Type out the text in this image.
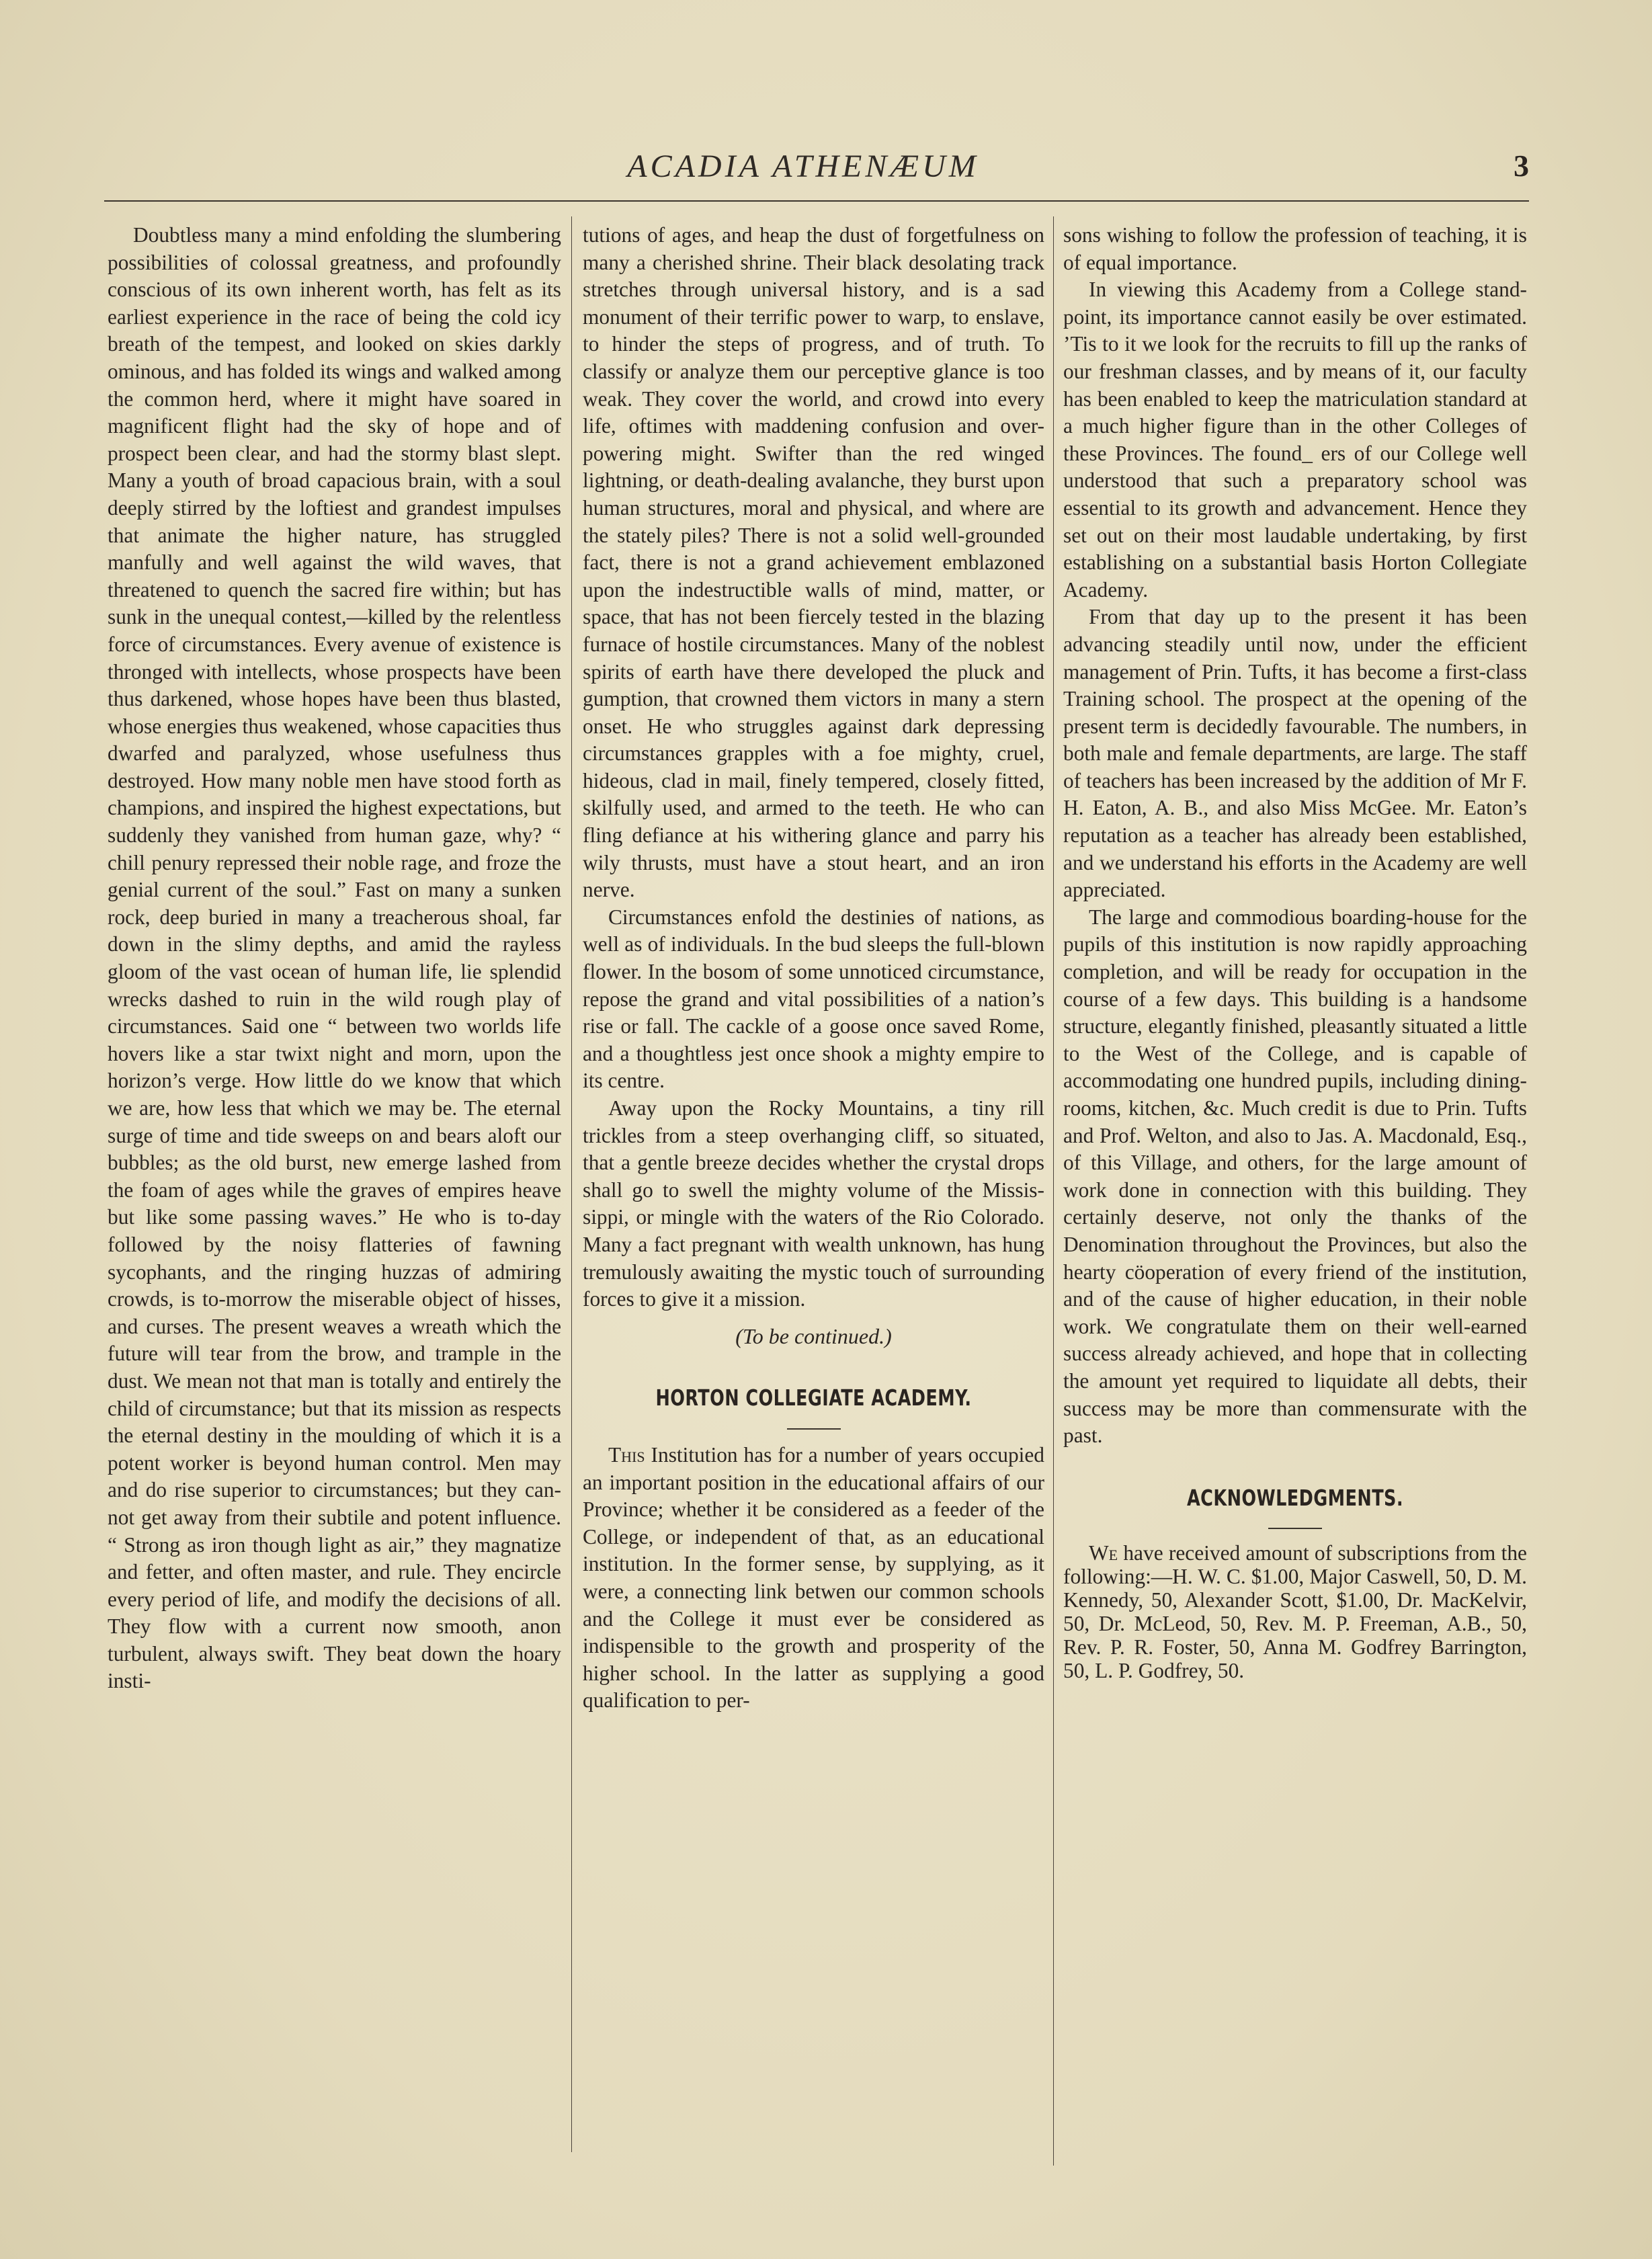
ACADIA ATHENÆUM	3

Doubtless many a mind enfolding the slumbering possibilities of colossal greatness, and profoundly conscious of its own inherent worth, has felt as its earliest experience in the race of being the cold icy breath of the tempest, and looked on skies darkly ominous, and has folded its wings and walked among the common herd, where it might have soared in magnificent flight had the sky of hope and of prospect been clear, and had the stormy blast slept. Many a youth of broad capacious brain, with a soul deeply stirred by the loftiest and grandest impulses that animate the higher nature, has struggled manfully and well against the wild waves, that threatened to quench the sacred fire within; but has sunk in the unequal contest,—killed by the relentless force of circumstances. Every avenue of existence is thronged with intellects, whose prospects have been thus darkened, whose hopes have been thus blasted, whose energies thus weakened, whose capacities thus dwarfed and paralyzed, whose usefulness thus destroyed. How many noble men have stood forth as champions, and inspired the highest expectations, but suddenly they vanished from human gaze, why? “ chill penury repressed their noble rage, and froze the genial current of the soul.” Fast on many a sunken rock, deep buried in many a treacherous shoal, far down in the slimy depths, and amid the rayless gloom of the vast ocean of human life, lie splendid wrecks dashed to ruin in the wild rough play of circumstances. Said one “ between two worlds life hovers like a star twixt night and morn, upon the horizon’s verge. How little do we know that which we are, how less that which we may be. The eternal surge of time and tide sweeps on and bears aloft our bubbles; as the old burst, new emerge lashed from the foam of ages while the graves of empires heave but like some passing waves.” He who is to-day followed by the noisy flatteries of fawning sycophants, and the ringing huzzas of admiring crowds, is to-morrow the miserable object of hisses, and curses. The present weaves a wreath which the future will tear from the brow, and trample in the dust. We mean not that man is totally and entirely the child of circumstance; but that its mission as respects the eternal destiny in the moulding of which it is a potent worker is beyond human control. Men may and do rise superior to circumstances; but they cannot get away from their subtile and potent influence. “ Strong as iron though light as air,” they magnatize and fetter, and often master, and rule. They encircle every period of life, and modify the decisions of all. They flow with a current now smooth, anon turbulent, always swift. They beat down the hoary insti-

tutions of ages, and heap the dust of forgetfulness on many a cherished shrine. Their black desolating track stretches through universal history, and is a sad monument of their terrific power to warp, to enslave, to hinder the steps of progress, and of truth. To classify or analyze them our perceptive glance is too weak. They cover the world, and crowd into every life, oftimes with maddening confusion and over-powering might. Swifter than the red winged lightning, or death-dealing avalanche, they burst upon human structures, moral and physical, and where are the stately piles? There is not a solid well-grounded fact, there is not a grand achievement emblazoned upon the indestructible walls of mind, matter, or space, that has not been fiercely tested in the blazing furnace of hostile circumstances. Many of the noblest spirits of earth have there developed the pluck and gumption, that crowned them victors in many a stern onset. He who struggles against dark depressing circumstances grapples with a foe mighty, cruel, hideous, clad in mail, finely tempered, closely fitted, skilfully used, and armed to the teeth. He who can fling defiance at his withering glance and parry his wily thrusts, must have a stout heart, and an iron nerve.

Circumstances enfold the destinies of nations, as well as of individuals. In the bud sleeps the full-blown flower. In the bosom of some unnoticed circumstance, repose the grand and vital possibilities of a nation’s rise or fall. The cackle of a goose once saved Rome, and a thoughtless jest once shook a mighty empire to its centre.

Away upon the Rocky Mountains, a tiny rill trickles from a steep overhanging cliff, so situated, that a gentle breeze decides whether the crystal drops shall go to swell the mighty volume of the Mississippi, or mingle with the waters of the Rio Colorado. Many a fact pregnant with wealth unknown, has hung tremulously awaiting the mystic touch of surrounding forces to give it a mission.

(To be continued.)
HORTON COLLEGIATE ACADEMY.

This Institution has for a number of years occupied an important position in the educational affairs of our Province; whether it be considered as a feeder of the College, or independent of that, as an educational institution. In the former sense, by supplying, as it were, a connecting link betwen our common schools and the College it must ever be considered as indispensible to the growth and prosperity of the higher school. In the latter as supplying a good qualification to per-

sons wishing to follow the profession of teaching, it is of equal importance.

In viewing this Academy from a College stand-point, its importance cannot easily be over estimated. ’Tis to it we look for the recruits to fill up the ranks of our freshman classes, and by means of it, our faculty has been enabled to keep the matriculation standard at a much higher figure than in the other Colleges of these Provinces. The found_ ers of our College well understood that such a preparatory school was essential to its growth and advancement. Hence they set out on their most laudable undertaking, by first establishing on a substantial basis Horton Collegiate Academy.

From that day up to the present it has been advancing steadily until now, under the efficient management of Prin. Tufts, it has become a first-class Training school. The prospect at the opening of the present term is decidedly favourable. The numbers, in both male and female departments, are large. The staff of teachers has been increased by the addition of Mr F. H. Eaton, A. B., and also Miss McGee. Mr. Eaton’s reputation as a teacher has already been established, and we understand his efforts in the Academy are well appreciated.

The large and commodious boarding-house for the pupils of this institution is now rapidly approaching completion, and will be ready for occupation in the course of a few days. This building is a handsome structure, elegantly finished, pleasantly situated a little to the West of the College, and is capable of accommodating one hundred pupils, including dining-rooms, kitchen, &c. Much credit is due to Prin. Tufts and Prof. Welton, and also to Jas. A. Macdonald, Esq., of this Village, and others, for the large amount of work done in connection with this building. They certainly deserve, not only the thanks of the Denomination throughout the Provinces, but also the hearty cöoperation of every friend of the institution, and of the cause of higher education, in their noble work. We congratulate them on their well-earned success already achieved, and hope that in collecting the amount yet required to liquidate all debts, their success may be more than commensurate with the past.

ACKNOWLEDGMENTS.

We have received amount of subscriptions from the following:—H. W. C. $1.00, Major Caswell, 50, D. M. Kennedy, 50, Alexander Scott, $1.00, Dr. MacKelvir, 50, Dr. McLeod, 50, Rev. M. P. Freeman, A.B., 50, Rev. P. R. Foster, 50, Anna M. Godfrey Barrington, 50, L. P. Godfrey, 50.
